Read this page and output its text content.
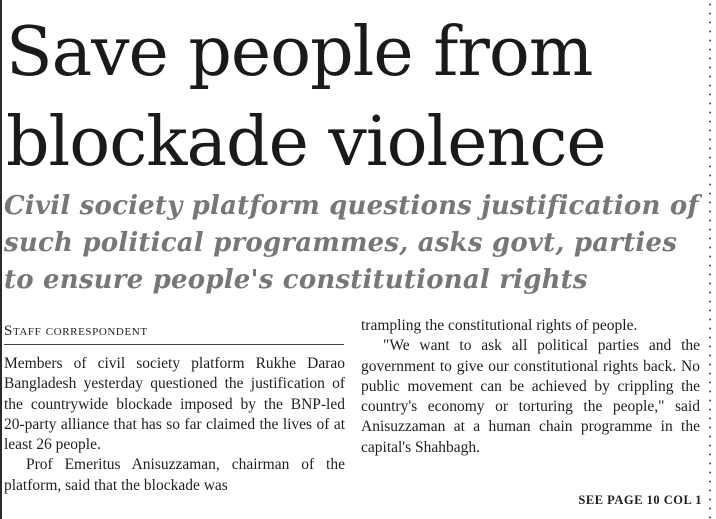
Save people from blockade violence
Civil society platform questions justification of such political programmes, asks govt, parties to ensure people's constitutional rights
Staff correspondent

Members of civil society platform Rukhe Darao Bangladesh yesterday questioned the justification of the countrywide blockade imposed by the BNP-led 20-party alliance that has so far claimed the lives of at least 26 people.

Prof Emeritus Anisuzzaman, chairman of the platform, said that the blockade was

trampling the constitutional rights of people.

"We want to ask all political parties and the government to give our constitutional rights back. No public movement can be achieved by crippling the country's economy or torturing the people," said Anisuzzaman at a human chain programme in the capital's Shahbagh.

SEE PAGE 10 COL 1
